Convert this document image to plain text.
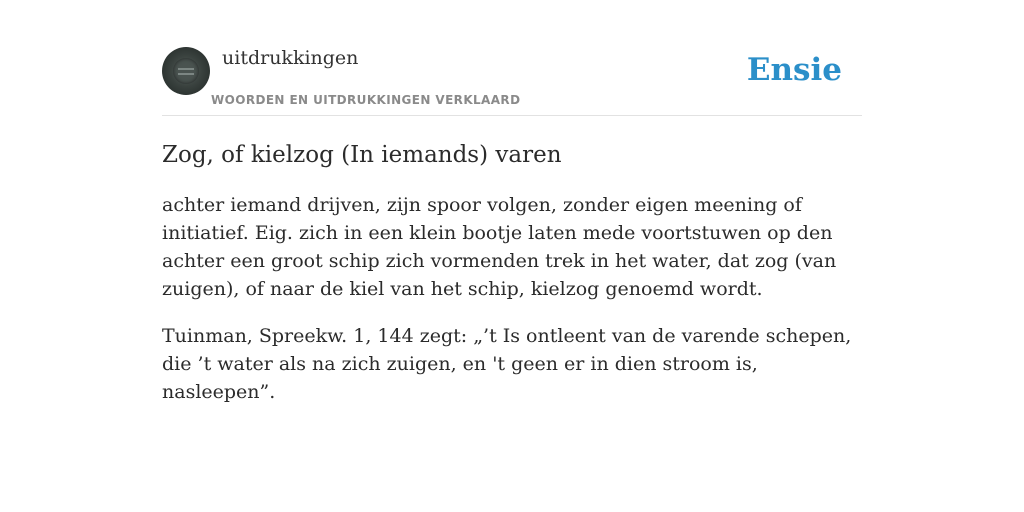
uitdrukkingen
WOORDEN EN UITDRUKKINGEN VERKLAARD
Ensie
Zog, of kielzog (In iemands) varen

achter iemand drijven, zijn spoor volgen, zonder eigen meening of initiatief. Eig. zich in een klein bootje laten mede voortstuwen op den achter een groot schip zich vormenden trek in het water, dat zog (van zuigen), of naar de kiel van het schip, kielzog genoemd wordt.

Tuinman, Spreekw. 1, 144 zegt: „’t Is ontleent van de varende schepen, die ’t water als na zich zuigen, en 't geen er in dien stroom is, nasleepen”.
